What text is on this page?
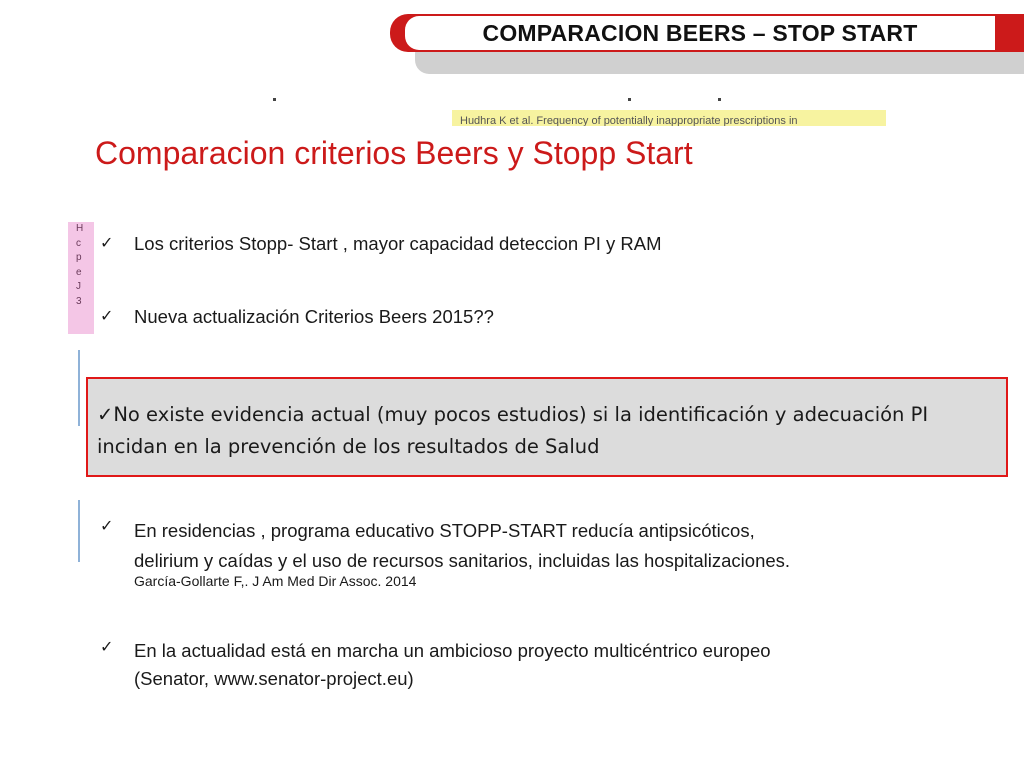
COMPARACION BEERS – STOP START
Hudhra K et al. Frequency of potentially inappropriate prescriptions in
H
c
p
e
J
3
Comparacion criterios Beers y Stopp Start
✓ Los criterios Stopp- Start , mayor capacidad deteccion PI y RAM
✓ Nueva actualización Criterios Beers 2015??
✓No existe evidencia actual (muy pocos estudios) si la identificación y adecuación PI
incidan en la prevención de los resultados de Salud
✓ En residencias , programa educativo STOPP-START reducía antipsicóticos,
delirium y caídas y el uso de recursos sanitarios, incluidas las hospitalizaciones.
García-Gollarte F,. J Am Med Dir Assoc. 2014
✓ En la actualidad está en marcha un ambicioso proyecto multicéntrico europeo
(Senator, www.senator-project.eu)
